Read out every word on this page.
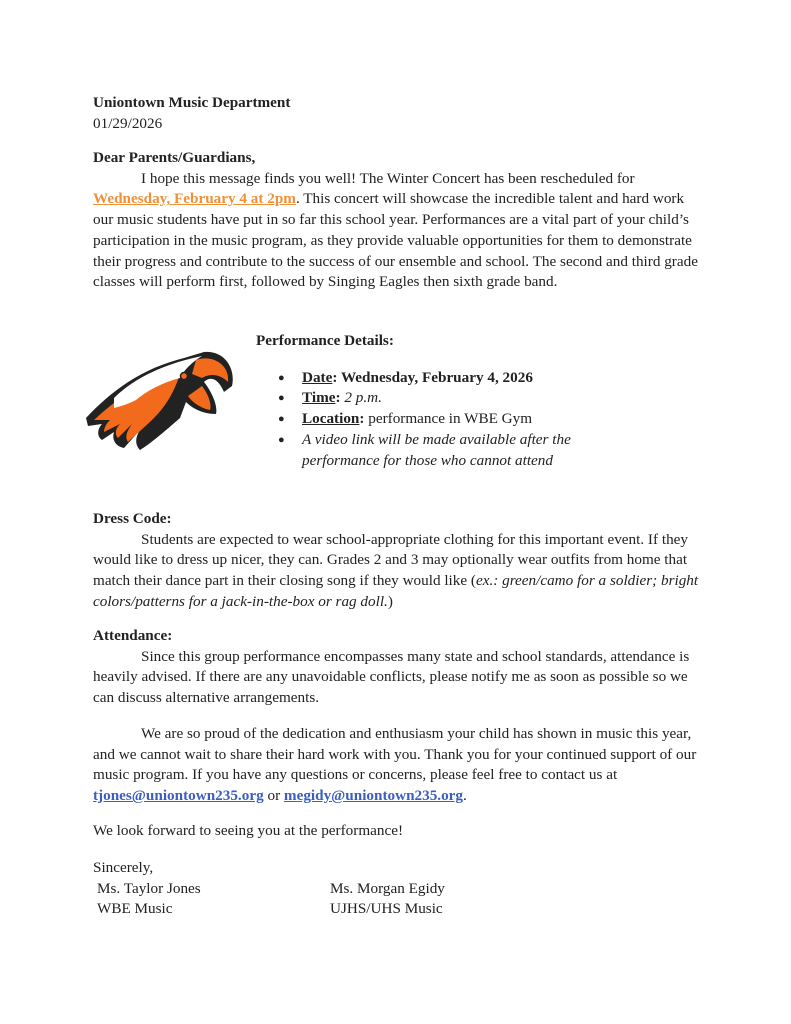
Uniontown Music Department

01/29/2026

Dear Parents/Guardians,

I hope this message finds you well! The Winter Concert has been rescheduled for Wednesday, February 4 at 2pm. This concert will showcase the incredible talent and hard work our music students have put in so far this school year. Performances are a vital part of your child’s participation in the music program, as they provide valuable opportunities for them to demonstrate their progress and contribute to the success of our ensemble and school. The second and third grade classes will perform first, followed by Singing Eagles then sixth grade band.

Performance Details:

● Date: Wednesday, February 4, 2026
● Time: 2 p.m.
● Location: performance in WBE Gym
● A video link will be made available after the performance for those who cannot attend

Dress Code:

Students are expected to wear school-appropriate clothing for this important event. If they would like to dress up nicer, they can. Grades 2 and 3 may optionally wear outfits from home that match their dance part in their closing song if they would like (ex.: green/camo for a soldier; bright colors/patterns for a jack-in-the-box or rag doll.)

Attendance:

Since this group performance encompasses many state and school standards, attendance is heavily advised. If there are any unavoidable conflicts, please notify me as soon as possible so we can discuss alternative arrangements.

We are so proud of the dedication and enthusiasm your child has shown in music this year, and we cannot wait to share their hard work with you. Thank you for your continued support of our music program. If you have any questions or concerns, please feel free to contact us at tjones@uniontown235.org or megidy@uniontown235.org.

We look forward to seeing you at the performance!

Sincerely,

Ms. Taylor Jones

WBE Music

Ms. Morgan Egidy

UJHS/UHS Music
